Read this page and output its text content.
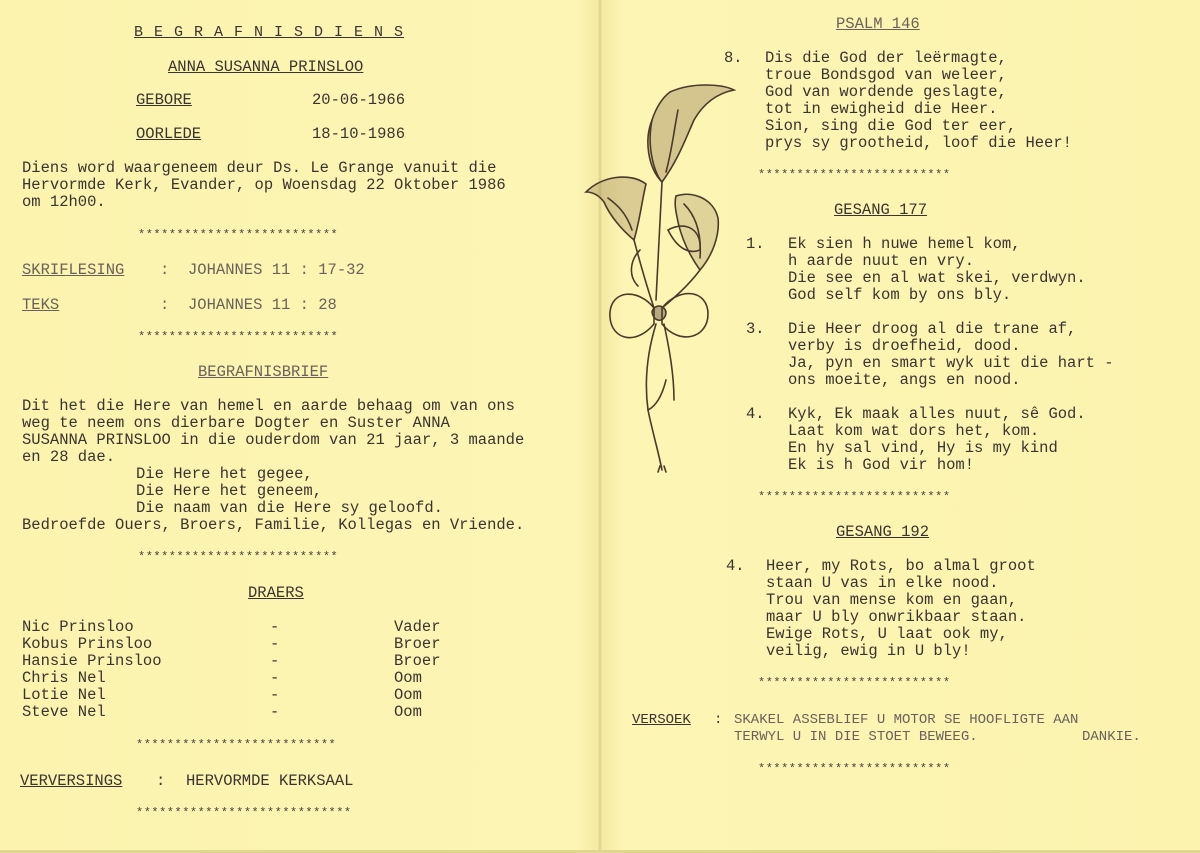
B E G R A F N I S D I E N S
ANNA SUSANNA PRINSLOO
GEBORE	20-06-1966
OORLEDE	18-10-1986
Diens word waargeneem deur Ds. Le Grange vanuit die
Hervormde Kerk, Evander, op Woensdag 22 Oktober 1986
om 12h00.
**************************
SKRIFLESING : JOHANNES 11 : 17-32
TEKS	: JOHANNES 11 : 28
**************************
BEGRAFNISBRIEF
Dit het die Here van hemel en aarde behaag om van ons
weg te neem ons dierbare Dogter en Suster ANNA
SUSANNA PRINSLOO in die ouderdom van 21 jaar, 3 maande
en 28 dae.
Die Here het gegee,
Die Here het geneem,
Die naam van die Here sy geloofd.
Bedroefde Ouers, Broers, Familie, Kollegas en Vriende.
**************************
DRAERS
Nic Prinsloo	-	Vader
Kobus Prinsloo	-	Broer
Hansie Prinsloo	-	Broer
Chris Nel	-	Oom
Lotie Nel	-	Oom
Steve Nel	-	Oom
**************************
VERVERSINGS : HERVORMDE KERKSAAL
****************************
PSALM 146
8. Dis die God der leërmagte,
troue Bondsgod van weleer,
God van wordende geslagte,
tot in ewigheid die Heer.
Sion, sing die God ter eer,
prys sy grootheid, loof die Heer!
*************************
GESANG 177
1. Ek sien h nuwe hemel kom,
h aarde nuut en vry.
Die see en al wat skei, verdwyn.
God self kom by ons bly.
3. Die Heer droog al die trane af,
verby is droefheid, dood.
Ja, pyn en smart wyk uit die hart -
ons moeite, angs en nood.
4. Kyk, Ek maak alles nuut, sê God.
Laat kom wat dors het, kom.
En hy sal vind, Hy is my kind
Ek is h God vir hom!
*************************
GESANG 192
4. Heer, my Rots, bo almal groot
staan U vas in elke nood.
Trou van mense kom en gaan,
maar U bly onwrikbaar staan.
Ewige Rots, U laat ook my,
veilig, ewig in U bly!
*************************
VERSOEK : SKAKEL ASSEBLIEF U MOTOR SE HOOFLIGTE AAN
TERWYL U IN DIE STOET BEWEEG.	DANKIE.
*************************
